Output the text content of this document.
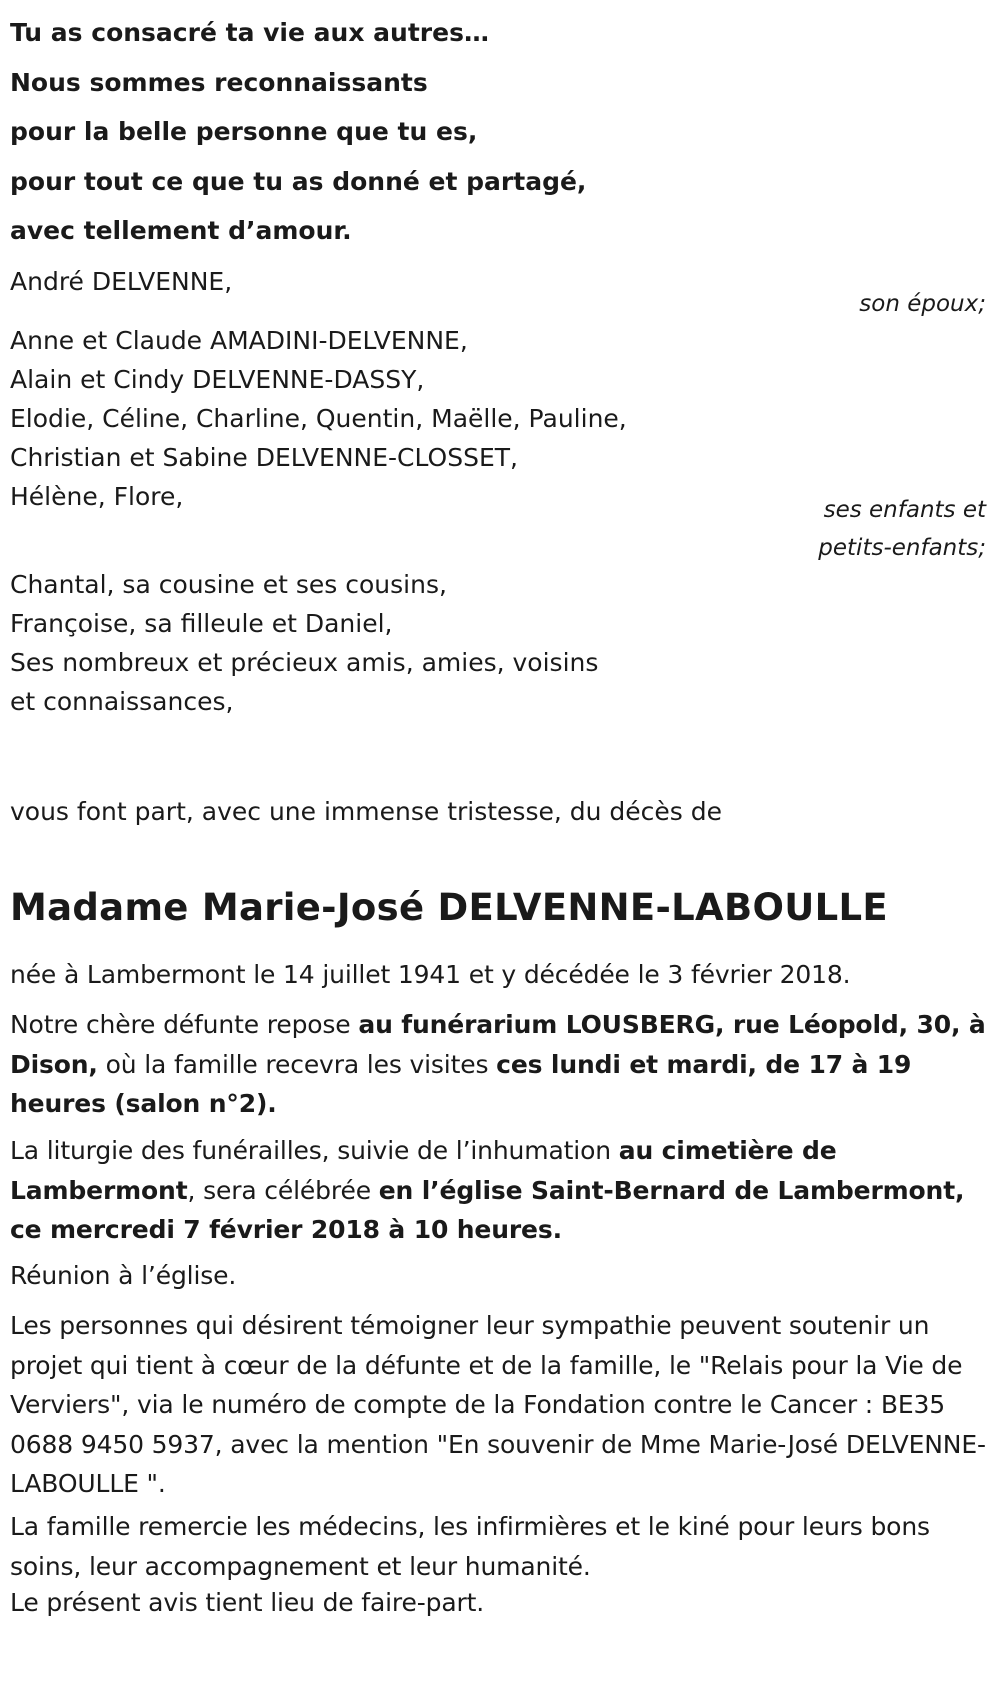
Tu as consacré ta vie aux autres…
Nous sommes reconnaissants
pour la belle personne que tu es,
pour tout ce que tu as donné et partagé,
avec tellement d’amour.
André DELVENNE,
son époux;
Anne et Claude AMADINI-DELVENNE,
Alain et Cindy DELVENNE-DASSY,
Elodie, Céline, Charline, Quentin, Maëlle, Pauline,
Christian et Sabine DELVENNE-CLOSSET,
Hélène, Flore,	ses enfants et
petits-enfants;
Chantal, sa cousine et ses cousins,
Françoise, sa filleule et Daniel,
Ses nombreux et précieux amis, amies, voisins
et connaissances,
vous font part, avec une immense tristesse, du décès de
Madame Marie-José DELVENNE-LABOULLE
née à Lambermont le 14 juillet 1941 et y décédée le 3 février 2018.
Notre chère défunte repose au funérarium LOUSBERG, rue Léopold, 30, à Dison, où la famille recevra les visites ces lundi et mardi, de 17 à 19 heures (salon n°2).
La liturgie des funérailles, suivie de l’inhumation au cimetière de Lambermont, sera célébrée en l’église Saint-Bernard de Lambermont, ce mercredi 7 février 2018 à 10 heures.
Réunion à l’église.
Les personnes qui désirent témoigner leur sympathie peuvent soutenir un projet qui tient à cœur de la défunte et de la famille, le "Relais pour la Vie de Verviers", via le numéro de compte de la Fondation contre le Cancer : BE35 0688 9450 5937, avec la mention "En souvenir de Mme Marie-José DELVENNE-LABOULLE ".
La famille remercie les médecins, les infirmières et le kiné pour leurs bons soins, leur accompagnement et leur humanité.
Le présent avis tient lieu de faire-part.
